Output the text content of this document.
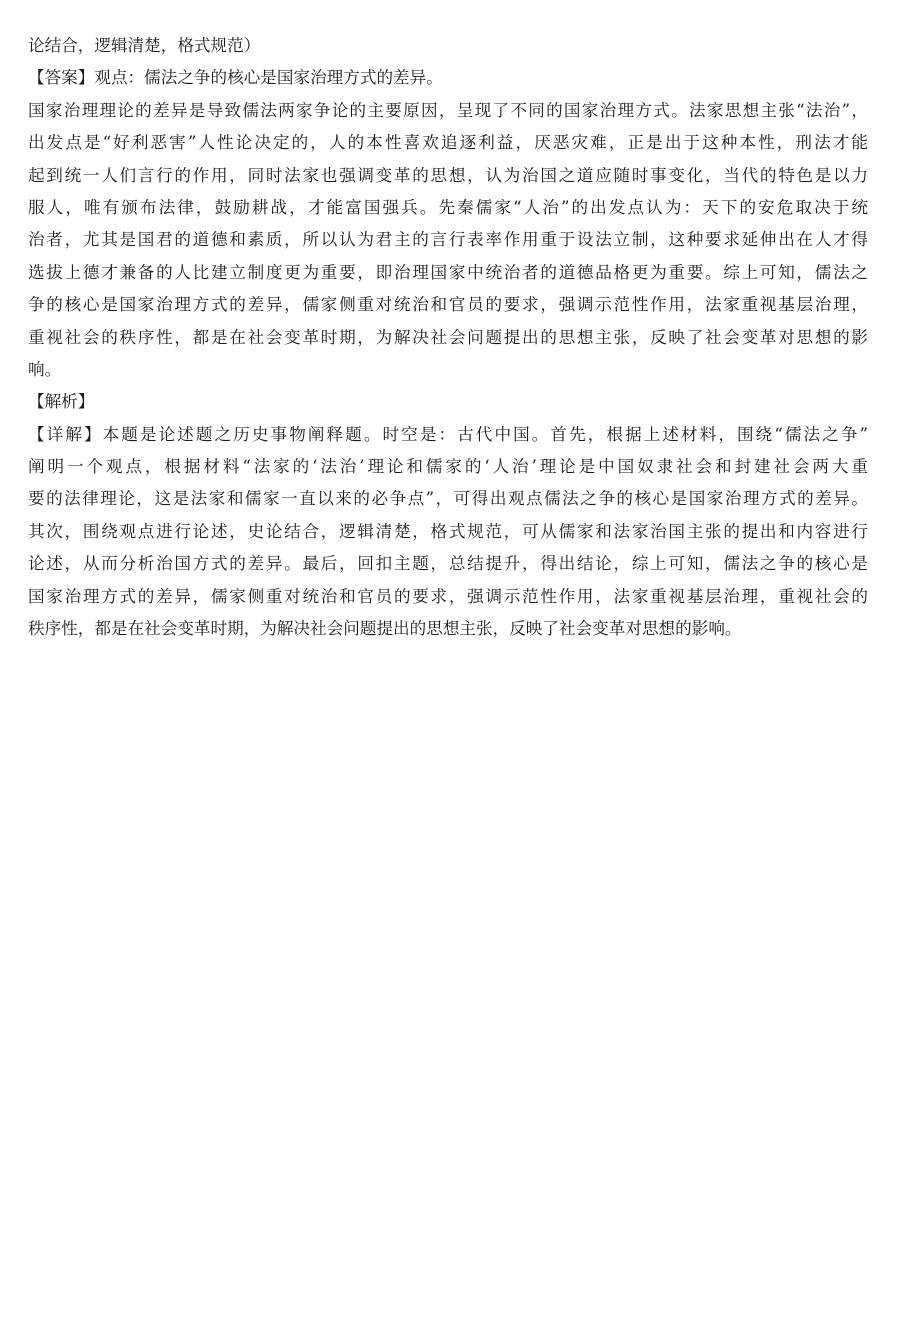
论结合，逻辑清楚，格式规范）
【答案】观点：儒法之争的核心是国家治理方式的差异。
国家治理理论的差异是导致儒法两家争论的主要原因，呈现了不同的国家治理方式。法家思想主张“法治”，
出发点是“好利恶害”人性论决定的，人的本性喜欢追逐利益，厌恶灾难，正是出于这种本性，刑法才能
起到统一人们言行的作用，同时法家也强调变革的思想，认为治国之道应随时事变化，当代的特色是以力
服人，唯有颁布法律，鼓励耕战，才能富国强兵。先秦儒家“人治”的出发点认为：天下的安危取决于统
治者，尤其是国君的道德和素质，所以认为君主的言行表率作用重于设法立制，这种要求延伸出在人才得
选拔上德才兼备的人比建立制度更为重要，即治理国家中统治者的道德品格更为重要。综上可知，儒法之
争的核心是国家治理方式的差异，儒家侧重对统治和官员的要求，强调示范性作用，法家重视基层治理，
重视社会的秩序性，都是在社会变革时期，为解决社会问题提出的思想主张，反映了社会变革对思想的影
响。
【解析】
【详解】本题是论述题之历史事物阐释题。时空是：古代中国。首先，根据上述材料，围绕“儒法之争”
阐明一个观点，根据材料“法家的‘法治’理论和儒家的‘人治’理论是中国奴隶社会和封建社会两大重
要的法律理论，这是法家和儒家一直以来的必争点”，可得出观点儒法之争的核心是国家治理方式的差异。
其次，围绕观点进行论述，史论结合，逻辑清楚，格式规范，可从儒家和法家治国主张的提出和内容进行
论述，从而分析治国方式的差异。最后，回扣主题，总结提升，得出结论，综上可知，儒法之争的核心是
国家治理方式的差异，儒家侧重对统治和官员的要求，强调示范性作用，法家重视基层治理，重视社会的
秩序性，都是在社会变革时期，为解决社会问题提出的思想主张，反映了社会变革对思想的影响。
